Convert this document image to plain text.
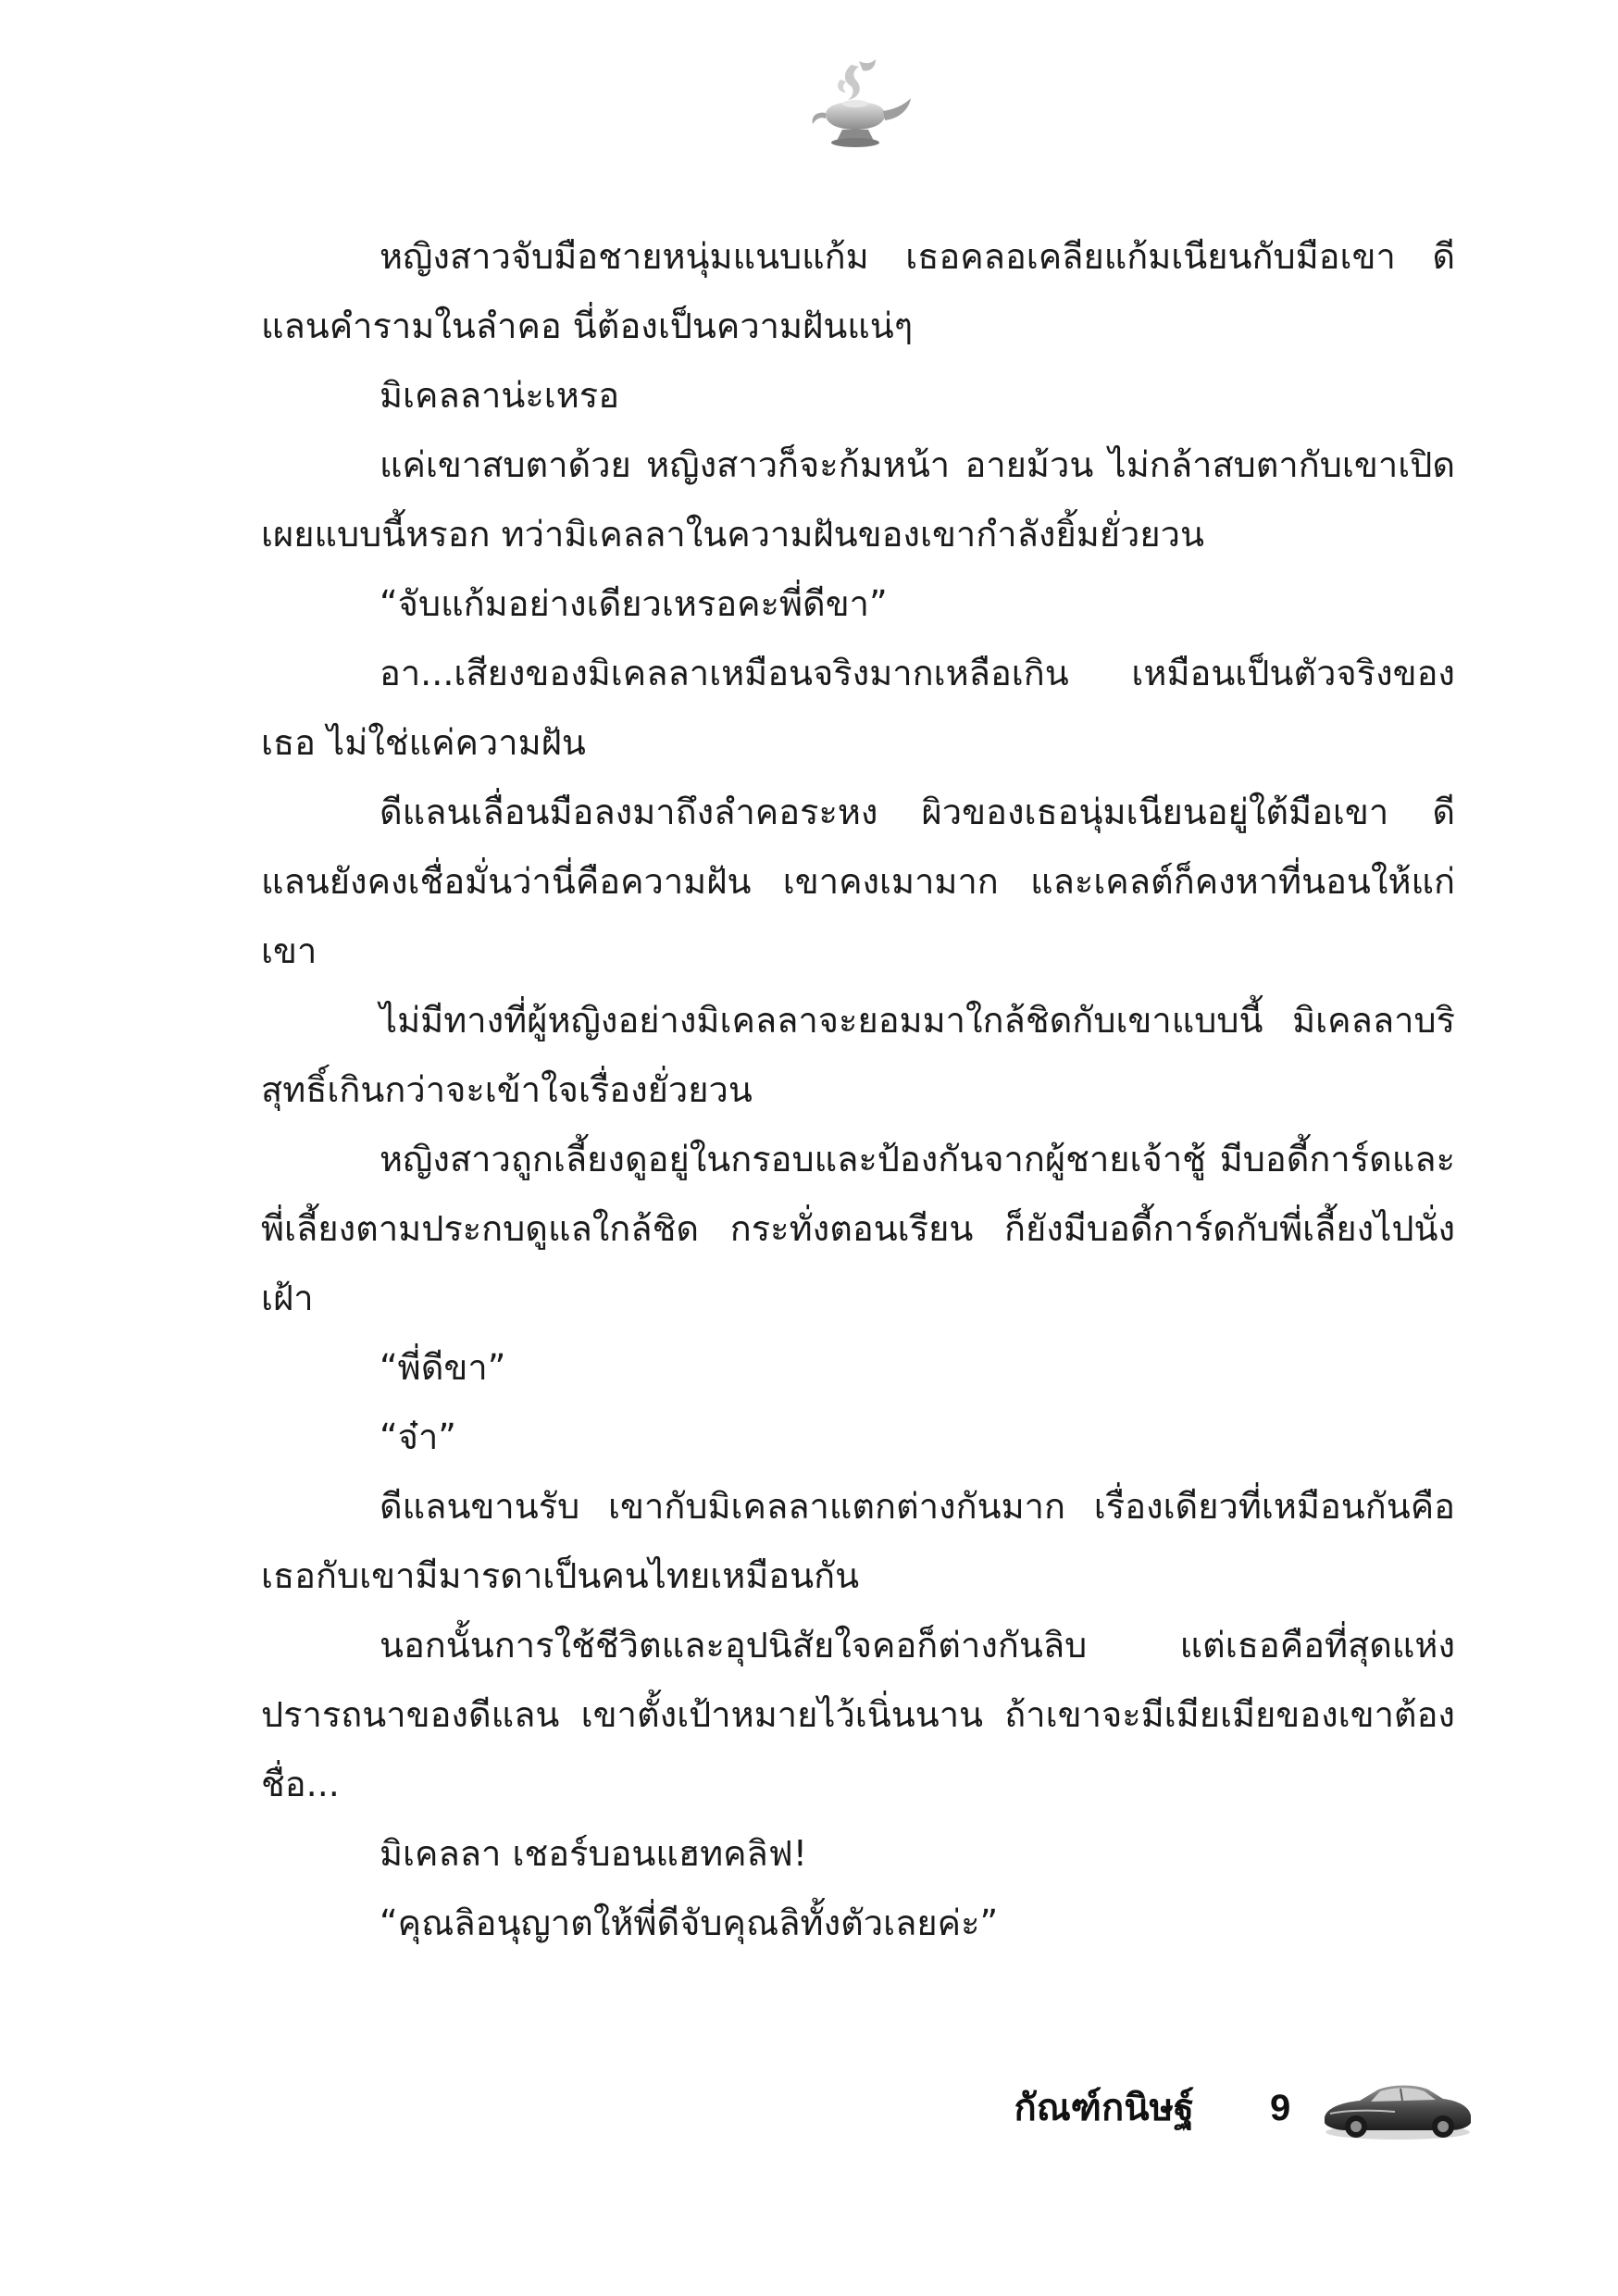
หญิงสาวจับมือชายหนุ่มแนบแก้ม เธอคลอเคลียแก้มเนียนกับมือเขา ดีแลนคำรามในลำคอ นี่ต้องเป็นความฝันแน่ๆ

มิเคลลาน่ะเหรอ

แค่เขาสบตาด้วย หญิงสาวก็จะก้มหน้า อายม้วน ไม่กล้าสบตากับเขาเปิดเผยแบบนี้หรอก ทว่ามิเคลลาในความฝันของเขากำลังยิ้มยั่วยวน

“จับแก้มอย่างเดียวเหรอคะพี่ดีขา”

อา...เสียงของมิเคลลาเหมือนจริงมากเหลือเกิน เหมือนเป็นตัวจริงของเธอ ไม่ใช่แค่ความฝัน

ดีแลนเลื่อนมือลงมาถึงลำคอระหง ผิวของเธอนุ่มเนียนอยู่ใต้มือเขา ดีแลนยังคงเชื่อมั่นว่านี่คือความฝัน เขาคงเมามาก และเคลต์ก็คงหาที่นอนให้แก่เขา

ไม่มีทางที่ผู้หญิงอย่างมิเคลลาจะยอมมาใกล้ชิดกับเขาแบบนี้ มิเคลลาบริสุทธิ์เกินกว่าจะเข้าใจเรื่องยั่วยวน

หญิงสาวถูกเลี้ยงดูอยู่ในกรอบและป้องกันจากผู้ชายเจ้าชู้ มีบอดี้การ์ดและพี่เลี้ยงตามประกบดูแลใกล้ชิด กระทั่งตอนเรียน ก็ยังมีบอดี้การ์ดกับพี่เลี้ยงไปนั่งเฝ้า

“พี่ดีขา”

“จ๋า”

ดีแลนขานรับ เขากับมิเคลลาแตกต่างกันมาก เรื่องเดียวที่เหมือนกันคือเธอกับเขามีมารดาเป็นคนไทยเหมือนกัน

นอกนั้นการใช้ชีวิตและอุปนิสัยใจคอก็ต่างกันลิบ แต่เธอคือที่สุดแห่งปรารถนาของดีแลน เขาตั้งเป้าหมายไว้เนิ่นนาน ถ้าเขาจะมีเมียเมียของเขาต้องชื่อ...

มิเคลลา เชอร์บอนแฮทคลิฟ!

“คุณลิอนุญาตให้พี่ดีจับคุณลิทั้งตัวเลยค่ะ”

กัณฑ์กนิษฐ์ 9
